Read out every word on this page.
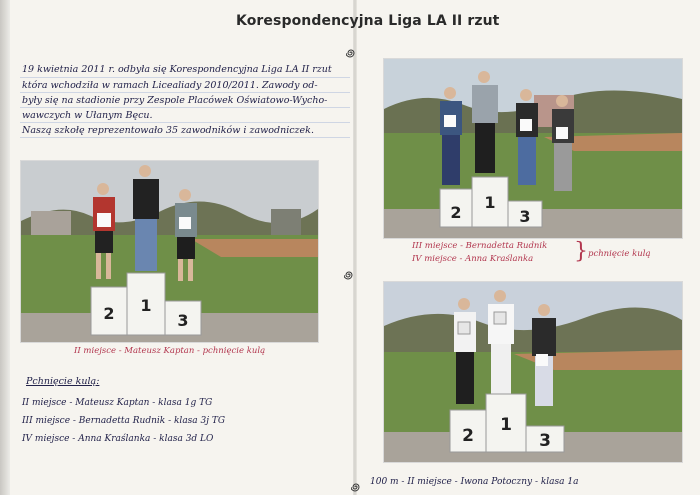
Korespondencyjna Liga LA II rzut
19 kwietnia 2011 r. odbyła się Korespondencyjna Liga LA II rzut
która wchodziła w ramach Licealiady 2010/2011. Zawody od-
były się na stadionie przy Zespole Placówek Oświatowo-Wycho-
wawczych w Ułanym Bęcu.
Naszą szkołę reprezentowało 35 zawodników i zawodniczek.
2 1
3
II miejsce - Mateusz Kaptan - pchnięcie kulą
Pchnięcie kulą:
II miejsce - Mateusz Kaptan - klasa 1g TG
III miejsce - Bernadetta Rudnik - klasa 3j TG
IV miejsce - Anna Kraślanka - klasa 3d LO
2
1
3
III miejsce - Bernadetta Rudnik
IV miejsce - Anna Kraślanka } pchnięcie kulą
2
1
3
100 m - II miejsce - Iwona Potoczny - klasa 1a
